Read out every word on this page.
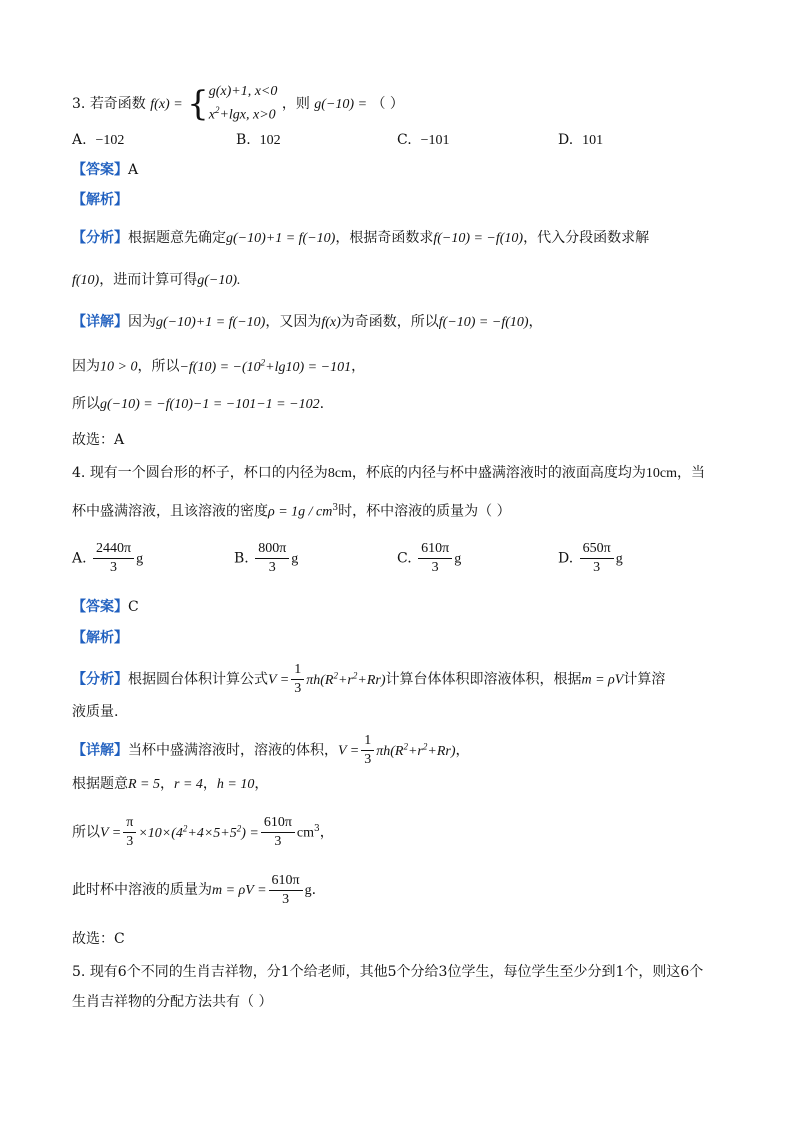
3. 若奇函数 f(x) = { g(x)+1, x<0
$x^2+\lg x$, x>0
，则 g(−10) = （ ）
A. −102	B. 102	C. −101	D. 101
【答案】A
【解析】
【分析】根据题意先确定g(−10)+1 = f(−10)，根据奇函数求f(−10) = −f(10)，代入分段函数求解
f(10)，进而计算可得g(−10).
【详解】因为g(−10)+1 = f(−10)，又因为f(x)为奇函数，所以f(−10) = −f(10)，
因为10 > 0，所以$-f(10) = -(10^2+\lg 10) = -101$，
所以g(−10) = −f(10)−1 = −101−1 = −102.
故选：A
4. 现有一个圆台形的杯子，杯口的内径为8cm，杯底的内径与杯中盛满溶液时的液面高度均为10cm，当
杯中盛满溶液，且该溶液的密度$\rho = 1g / cm^3$时，杯中溶液的质量为（ ）
A. $\frac{2440\pi}{3}$ g	B. $\frac{800\pi}{3}$ g	C. $\frac{610\pi}{3}$ g	D. $\frac{650\pi}{3}$ g
【答案】C
【解析】
【分析】根据圆台体积计算公式$V = \frac{1}{3} \pi h(R^2+r^2+Rr)$计算台体体积即溶液体积，根据m = ρV计算溶
液质量.
【详解】当杯中盛满溶液时，溶液的体积，$V = \frac{1}{3} \pi h(R^2+r^2+Rr)$，
根据题意R = 5，r = 4，h = 10，
所以$V = \frac{\pi}{3} \times 10\times(4^2+4\times 5+5^2) = \frac{610\pi}{3} cm^3$，
此时杯中溶液的质量为$m = \rho V = \frac{610\pi}{3} g$.
故选：C
5. 现有6个不同的生肖吉祥物，分1个给老师，其他5个分给3位学生，每位学生至少分到1个，则这6个
生肖吉祥物的分配方法共有（ ）
